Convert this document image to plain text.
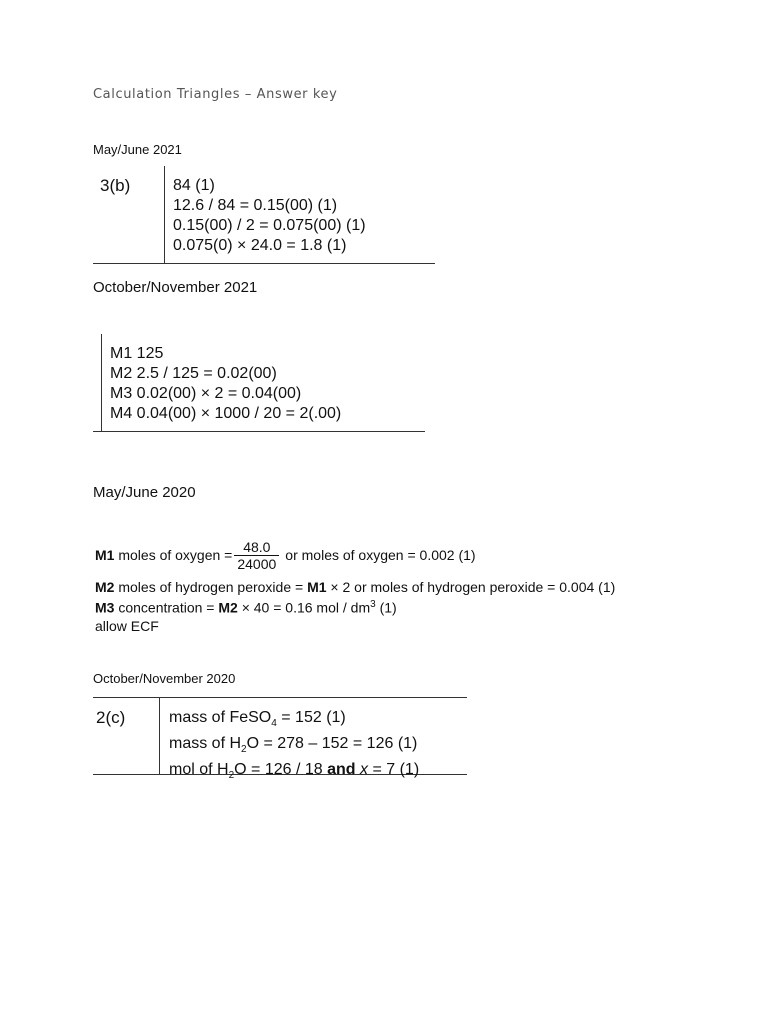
Calculation Triangles – Answer key
May/June 2021
3(b)	84 (1)
12.6 / 84 = 0.15(00) (1)
0.15(00) / 2 = 0.075(00) (1)
0.075(0) × 24.0 = 1.8 (1)
October/November 2021
M1 125
M2 2.5 / 125 = 0.02(00)
M3 0.02(00) × 2 = 0.04(00)
M4 0.04(00) × 1000 / 20 = 2(.00)
May/June 2020
M1
moles of oxygen = $\frac{48.0}{24000}$ or moles of oxygen = 0.002 (1)
M2 moles of hydrogen peroxide = M1 × 2 or moles of hydrogen peroxide = 0.004 (1)
M3 concentration = M2 × 40 = 0.16 mol / $dm^3$ (1)
allow ECF
October/November 2020
2(c)	mass of FeSO$_4$ = 152 (1)
mass of $H_2O = 278 - 152 = 126$ (1)
mol of $H_2O = 126 / 18$ and x = 7 (1)
